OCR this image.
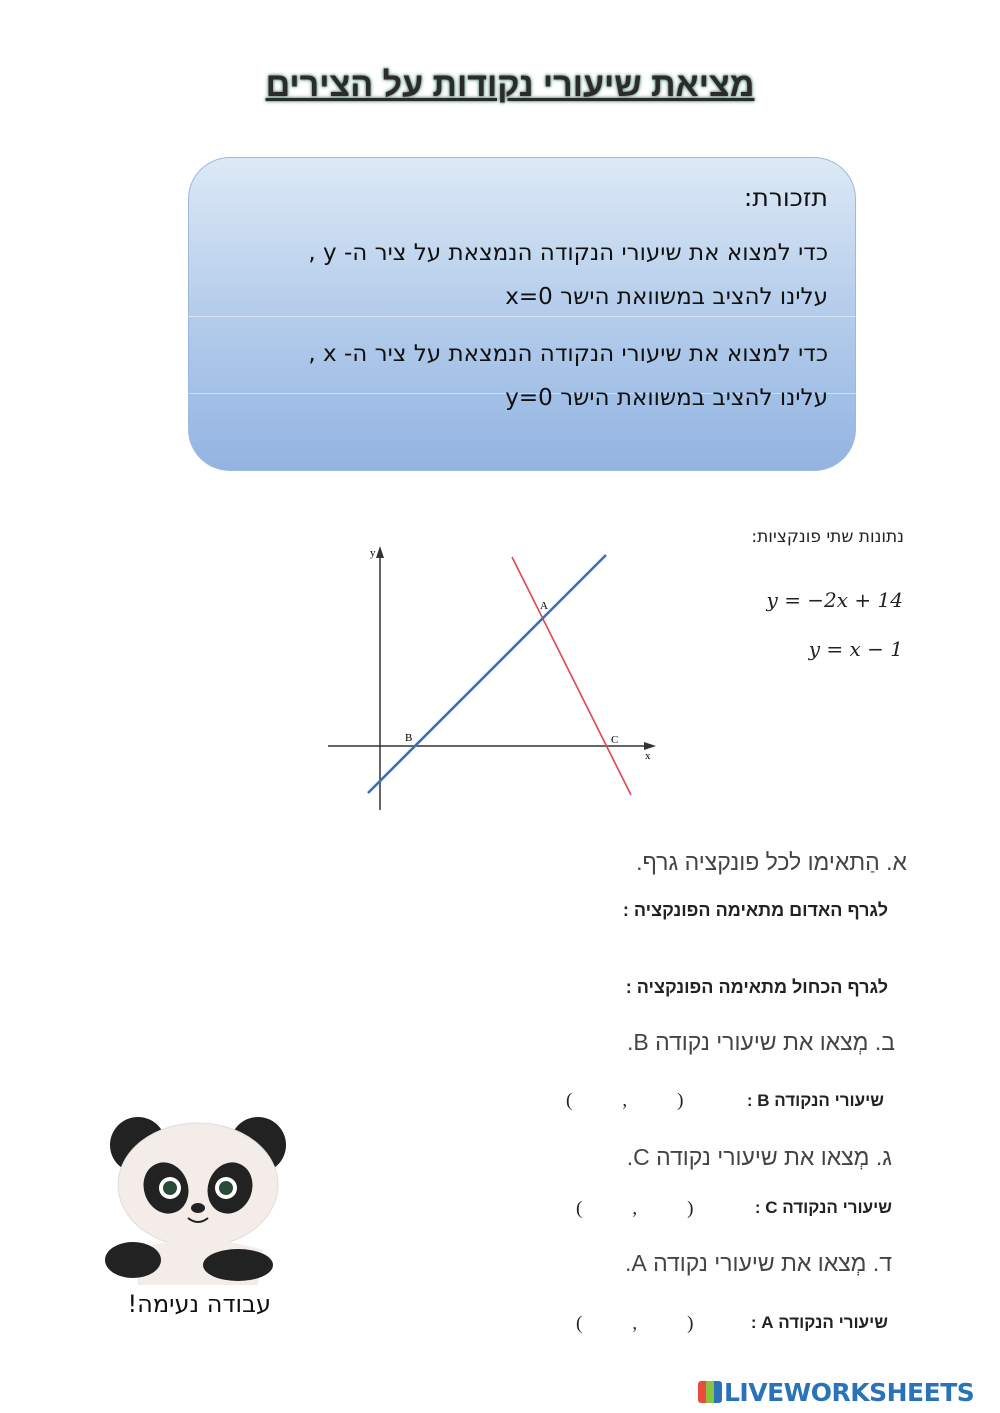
מציאת שיעורי נקודות על הצירים
תזכורת:
כדי למצוא את שיעורי הנקודה הנמצאת על ציר ה- y ,
עלינו להציב במשוואת הישר x=0
כדי למצוא את שיעורי הנקודה הנמצאת על ציר ה- x ,
עלינו להציב במשוואת הישר y=0
נתונות שתי פונקציות:
y = −2x + 14
y = x − 1
y
x
A
B	C
א. הַתאימו לכל פונקציה גרף.
לגרף האדום מתאימה הפונקציה :
לגרף הכחול מתאימה הפונקציה :
ב. מְצאו את שיעורי נקודה B.
שיעורי הנקודה B :
(	,	)
ג. מְצאו את שיעורי נקודה C.
שיעורי הנקודה C :
(	,	)
ד. מְצאו את שיעורי נקודה A.
שיעורי הנקודה A :
(	,	)
עבודה נעימה!
LIVEWORKSHEETS
